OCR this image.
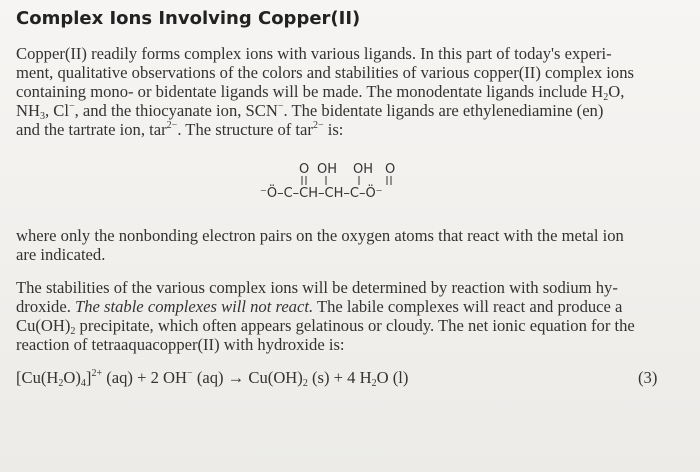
Complex Ions Involving Copper(II)
Copper(II) readily forms complex ions with various ligands. In this part of today's experi-
ment, qualitative observations of the colors and stabilities of various copper(II) complex ions
containing mono- or bidentate ligands will be made. The monodentate ligands include $H_2O$,
$NH_3$, Cl−, and the thiocyanate ion, SCN−. The bidentate ligands are ethylenediamine (en)
and the tartrate ion, tar$^{2-}$. The structure of tar$^{2-}$ is:
O OH OH O
⁻Ö–C–CH–CH–C–Ö⁻
where only the nonbonding electron pairs on the oxygen atoms that react with the metal ion
are indicated.
The stabilities of the various complex ions will be determined by reaction with sodium hy-
droxide. The stable complexes will not react. The labile complexes will react and produce a
$Cu(OH)_2$ precipitate, which often appears gelatinous or cloudy. The net ionic equation for the
reaction of tetraaquacopper(II) with hydroxide is:
$[Cu(H_2O)_4]^{2+}$ (aq) + 2 OH− $(aq) \to Cu(OH)_2$ (s) + 4 $H_2O$ (l)	(3)
